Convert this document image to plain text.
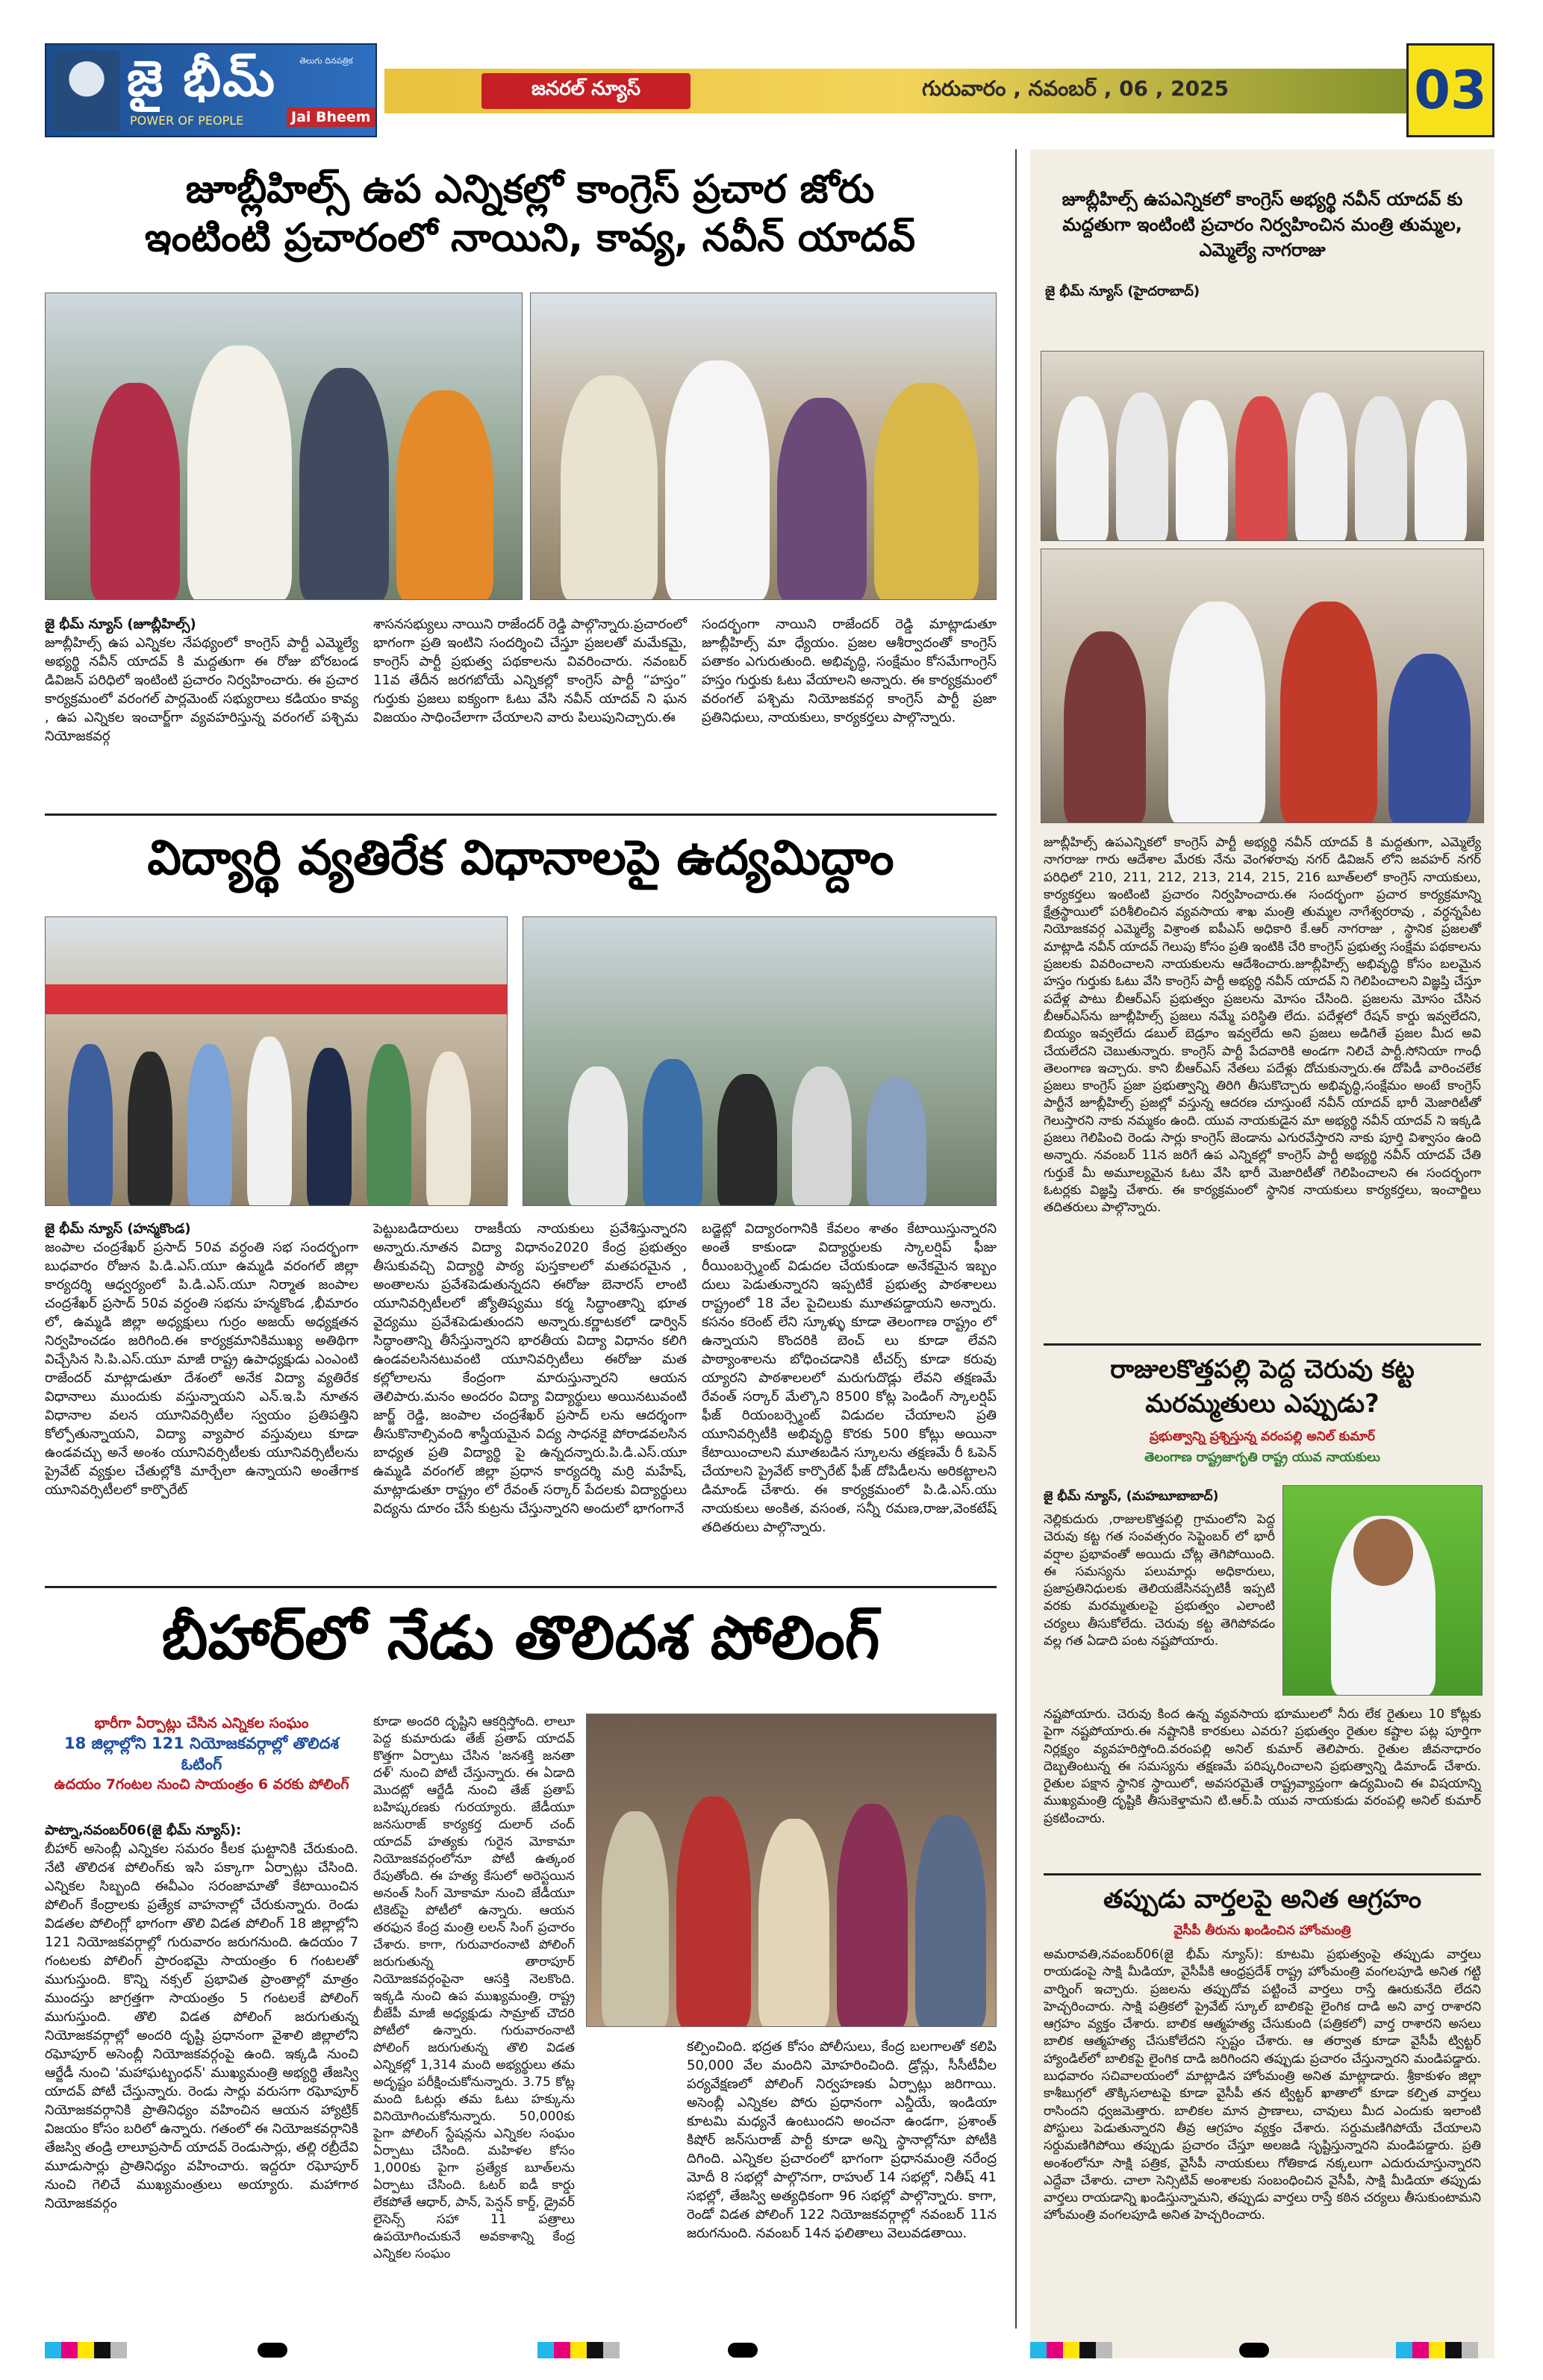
జై భీమ్	తెలుగు దినపత్రిక
POWER OF PEOPLE	Jai Bheem
జనరల్ న్యూస్	గురువారం , నవంబర్ , 06 , 2025	03
జూబ్లీహిల్స్ ఉప ఎన్నికల్లో కాంగ్రెస్ ప్రచార జోరు
ఇంటింటి ప్రచారంలో నాయిని, కావ్య, నవీన్ యాదవ్
జై భీమ్ న్యూస్ (జూబ్లీహిల్స్)
జూబ్లీహిల్స్ ఉప ఎన్నికల నేపథ్యంలో కాంగ్రెస్ పార్టీ ఎమ్మెల్యే అభ్యర్థి నవీన్ యాదవ్ కి మద్దతుగా ఈ రోజు బోరబండ డివిజన్ పరిధిలో ఇంటింటి ప్రచారం నిర్వహించారు. ఈ ప్రచార కార్యక్రమంలో వరంగల్ పార్లమెంట్ సభ్యురాలు కడియం కావ్య , ఉప ఎన్నికల ఇంచార్జ్‌గా వ్యవహరిస్తున్న వరంగల్ పశ్చిమ నియోజకవర్గ
శాసనసభ్యులు నాయిని రాజేందర్ రెడ్డి పాల్గొన్నారు.ప్రచారంలో భాగంగా ప్రతి ఇంటిని సందర్శించి చేస్తూ ప్రజలతో మమేకమై, కాంగ్రెస్ పార్టీ ప్రభుత్వ పథకాలను వివరించారు. నవంబర్ 11వ తేదీన జరగబోయే ఎన్నికల్లో కాంగ్రెస్ పార్టీ “హస్తం” గుర్తుకు ప్రజలు ఐక్యంగా ఓటు వేసి నవీన్ యాదవ్ ని ఘన విజయం సాధించేలాగా చేయాలని వారు పిలుపునిచ్చారు.ఈ
సందర్భంగా నాయిని రాజేందర్ రెడ్డి మాట్లాడుతూ జూబ్లీహిల్స్ మా ధ్యేయం. ప్రజల ఆశీర్వాదంతో కాంగ్రెస్ పతాకం ఎగురుతుంది. అభివృద్ధి, సంక్షేమం కోసమేగాంగ్రెస్ హస్తం గుర్తుకు ఓటు వేయాలని అన్నారు. ఈ కార్యక్రమంలో వరంగల్ పశ్చిమ నియోజకవర్గ కాంగ్రెస్ పార్టీ ప్రజా ప్రతినిధులు, నాయకులు, కార్యకర్తలు పాల్గొన్నారు.
విద్యార్థి వ్యతిరేక విధానాలపై ఉద్యమిద్దాం
జై భీమ్ న్యూస్ (హన్మకొండ)
జంపాల చంద్రశేఖర్ ప్రసాద్ 50వ వర్ధంతి సభ సందర్భంగా బుధవారం రోజున పి.డి.ఎస్.యూ ఉమ్మడి వరంగల్ జిల్లా కార్యదర్శి ఆధ్వర్యంలో పి.డి.ఎస్.యూ నిర్మాత జంపాల చంద్రశేఖర్ ప్రసాద్ 50వ వర్ధంతి సభను హన్మకొండ ,భీమారం లో, ఉమ్మడి జిల్లా అధ్యక్షులు గుర్రం అజయ్ అధ్యక్షతన నిర్వహించడం జరిగింది.ఈ కార్యక్రమానికిముఖ్య అతిథిగా విచ్చేసిన సి.పి.ఎస్.యూ మాజీ రాష్ట్ర ఉపాధ్యక్షుడు ఎంఎంటి రాజేందర్ మాట్లాడుతూ దేశంలో అనేక విద్యా వ్యతిరేక విధానాలు ముందుకు వస్తున్నాయని ఎన్.ఇ.పి నూతన విధానాల వలన యూనివర్సిటీల స్వయం ప్రతిపత్తిని కోల్పోతున్నాయని, విద్యా వ్యాపార వస్తువులు కూడా ఉండవచ్చు అనే అంశం యూనివర్సిటీలకు యూనివర్సిటీలను ప్రైవేట్ వ్యక్తుల చేతుల్లోకి మార్చేలా ఉన్నాయని అంతేగాక యూనివర్సిటీలలో కార్పొరేట్
పెట్టుబడిదారులు రాజకీయ నాయకులు ప్రవేశిస్తున్నారని అన్నారు.నూతన విద్యా విధానం2020 కేంద్ర ప్రభుత్వం తీసుకువచ్చి విద్యార్థి పాఠ్య పుస్తకాలలో మతపరమైన , అంతాలను ప్రవేశపెడుతున్నదని ఈరోజు బెనారస్ లాంటి యూనివర్సిటీలలో జ్యోతిష్యము కర్మ సిద్ధాంతాన్ని భూత వైద్యము ప్రవేశపెడుతుందని అన్నారు.కర్ణాటకలో డార్విన్ సిద్ధాంతాన్ని తీసేస్తున్నారని భారతీయ విద్యా విధానం కలిగి ఉండవలసినటువంటి యూనివర్సిటీలు ఈరోజు మత కల్లోలాలను కేంద్రంగా మారుస్తున్నారని ఆయన తెలిపారు.మనం అందరం విద్యా విద్యార్థులు అయినటువంటి జార్జ్ రెడ్డి, జంపాల చంద్రశేఖర్ ప్రసాద్ లను ఆదర్శంగా తీసుకొనాల్సివంది శాస్త్రీయమైన విద్య సాధనకై పోరాడవలసిన బాధ్యత ప్రతి విద్యార్థి పై ఉన్నదన్నారు.పి.డి.ఎస్.యూ ఉమ్మడి వరంగల్ జిల్లా ప్రధాన కార్యదర్శి మర్రి మహేష్, మాట్లాడుతూ రాష్ట్రం లో రేవంత్ సర్కార్ పేదలకు విద్యార్థులు విద్యను దూరం చేసే కుట్రను చేస్తున్నారని అందులో భాగంగానే
బడ్జెట్లో విద్యారంగానికి కేవలం శాతం కేటాయిస్తున్నారని అంతే కాకుండా విద్యార్థులకు స్కాలర్షిప్ ఫీజు రీయింబర్స్మెంట్ విడుదల చేయకుండా అనేకమైన ఇబ్బం దులు పెడుతున్నారని ఇప్పటికే ప్రభుత్వ పాఠశాలలు రాష్ట్రంలో 18 వేల పైచిలుకు మూతపడ్డాయని అన్నారు. కసనం కరెంట్ లేని స్కూళ్ళు కూడా తెలంగాణ రాష్ట్రం లో ఉన్నాయని కొందరికి బెంచ్ లు కూడా లేవని పాఠ్యాంశాలను బోధించడానికి టీచర్స్ కూడా కరువు య్యారని పాఠశాలలలో మరుగుదొడ్లు లేవని తక్షణమే రేవంత్ సర్కార్ మేల్కొని 8500 కోట్ల పెండింగ్ స్కాలర్షిప్ ఫీజ్ రియంబర్స్మెంట్ విడుదల చేయాలని ప్రతి యూనివర్సిటీకి అభివృద్ధి కొరకు 500 కోట్లు అయినా కేటాయించాలని మూతబడిన స్కూలను తక్షణమే రీ ఓపెన్ చేయాలని ప్రైవేట్ కార్పొరేట్ ఫీజ్ దోపిడీలను అరికట్టాలని డిమాండ్ చేశారు. ఈ కార్యక్రమంలో పి.డి.ఎస్.యు నాయకులు అంకిత, వసంత, సన్నీ రమణ,రాజు,వెంకటేష్ తదితరులు పాల్గొన్నారు.
బీహార్‌లో నేడు తొలిదశ పోలింగ్
భారీగా ఏర్పాట్లు చేసిన ఎన్నికల సంఘం
18 జిల్లాల్లోని 121 నియోజకవర్గాల్లో తొలిదశ ఓటింగ్
ఉదయం 7గంటల నుంచి సాయంత్రం 6 వరకు పోలింగ్
పాట్నా,నవంబర్06(జై భీమ్ న్యూస్):
బీహార్ అసెంబ్లీ ఎన్నికల సమరం కీలక ఘట్టానికి చేరుకుంది. నేటి తొలిదశ పోలింగ్‌కు ఇసి పక్కాగా ఏర్పాట్లు చేసింది. ఎన్నికల సిబ్బంది ఈవీఎం సరంజామాతో కేటాయించిన పోలింగ్ కేంద్రాలకు ప్రత్యేక వాహనాల్లో చేరుకున్నారు. రెండు విడతల పోలింగ్లో భాగంగా తొలి విడత పోలింగ్ 18 జిల్లాల్లోని 121 నియోజకవర్గాల్లో గురువారం జరుగనుంది. ఉదయం 7 గంటలకు పోలింగ్ ప్రారంభమై సాయంత్రం 6 గంటలతో ముగుస్తుంది. కొన్ని నక్సల్ ప్రభావిత ప్రాంతాల్లో మాత్రం ముందస్తు జాగ్రత్తగా సాయంత్రం 5 గంటలకే పోలింగ్ ముగుస్తుంది. తొలి విడత పోలింగ్ జరుగుతున్న నియోజకవర్గాల్లో అందరి దృష్టి ప్రధానంగా వైశాలి జిల్లాలోని రఘోపూర్ అసెంబ్లీ నియోజకవర్గంపై ఉంది. ఇక్కడి నుంచి ఆర్జేడీ నుంచి 'మహాఘట్బంధన్' ముఖ్యమంత్రి అభ్యర్థి తేజస్వి యాదవ్ పోటీ చేస్తున్నారు. రెండు సార్లు వరుసగా రఘోపూర్ నియోజకవర్గానికి ప్రాతినిధ్యం వహించిన ఆయన హ్యాట్రిక్ విజయం కోసం బరిలో ఉన్నారు. గతంలో ఈ నియోజకవర్గానికి తేజస్వి తండ్రి లాలూప్రసాద్ యాదవ్ రెండుసార్లు, తల్లి రబ్రీదేవి మూడుసార్లు ప్రాతినిధ్యం వహించారు. ఇద్దరూ రఘోపూర్ నుంచి గెలిచే ముఖ్యమంత్రులు అయ్యారు. మహాగాఠ నియోజకవర్గం
కూడా అందరి దృష్టిని ఆకర్షిస్తోంది. లాలూ పెద్ద కుమారుడు తేజ్ ప్రతాప్ యాదవ్ కొత్తగా ఏర్పాటు చేసిన 'జనశక్తి జనతా దళ్' నుంచి పోటీ చేస్తున్నారు. ఈ ఏడాది మొదట్లో ఆర్జేడీ నుంచి తేజ్ ప్రతాప్ బహిష్కరణకు గురయ్యారు. జేడీయూ జనసురాజ్ కార్యకర్త దులార్ చంద్ యాదవ్ హత్యకు గురైన మోకామా నియోజకవర్గంలోనూ పోటీ ఉత్కంఠ రేపుతోంది. ఈ హత్య కేసులో అరెస్టయిన అనంత్ సింగ్ మోకామా నుంచి జేడీయూ టికెట్‌పై పోటీలో ఉన్నారు. ఆయన తరఫున కేంద్ర మంత్రి లలన్ సింగ్ ప్రచారం చేశారు. కాగా, గురువారంనాటి పోలింగ్ జరుగుతున్న తారాపూర్ నియోజకవర్గంపైనా ఆసక్తి నెలకొంది. ఇక్కడి నుంచి ఉప ముఖ్యమంత్రి, రాష్ట్ర బీజేపీ మాజీ అధ్యక్షుడు సామ్రాట్ చౌదరి పోటీలో ఉన్నారు. గురువారంనాటి పోలింగ్ జరుగుతున్న తొలి విడత ఎన్నికల్లో 1,314 మంది అభ్యర్థులు తమ అదృష్టం పరీక్షించుకోనున్నారు. 3.75 కోట్ల మంది ఓటర్లు తమ ఓటు హక్కును వినియోగించుకోనున్నారు. 50,000కు పైగా పోలింగ్ స్టేషన్లను ఎన్నికల సంఘం ఏర్పాటు చేసింది. మహిళల కోసం 1,000కు పైగా ప్రత్యేక బూత్‌లను ఏర్పాటు చేసింది. ఓటర్ ఐడీ కార్డు లేకపోతే ఆధార్, పాన్, పెన్షన్ కార్డ్, డ్రైవర్ లైసెన్స్ సహా 11 పత్రాలు ఉపయోగించుకునే అవకాశాన్ని కేంద్ర ఎన్నికల సంఘం
కల్పించింది. భద్రత కోసం పోలీసులు, కేంద్ర బలగాలతో కలిపి 50,000 వేల మందిని మోహరించింది. డ్రోన్లు, సీసీటీవీల పర్యవేక్షణలో పోలింగ్ నిర్వహణకు ఏర్పాట్లు జరిగాయి. అసెంబ్లీ ఎన్నికల పోరు ప్రధానంగా ఎన్డీయే, ఇండియా కూటమి మధ్యనే ఉంటుందని అంచనా ఉండగా, ప్రశాంత్ కిషోర్ జన్‌సురాజ్ పార్టీ కూడా అన్ని స్థానాల్లోనూ పోటీకి దిగింది. ఎన్నికల ప్రచారంలో భాగంగా ప్రధానమంత్రి నరేంద్ర మోదీ 8 సభల్లో పాల్గొనగా, రాహుల్ 14 సభల్లో, నితీష్ 41 సభల్లో, తేజస్వి అత్యధికంగా 96 సభల్లో పాల్గొన్నారు. కాగా, రెండో విడత పోలింగ్ 122 నియోజకవర్గాల్లో నవంబర్ 11న జరుగనుంది. నవంబర్ 14న ఫలితాలు వెలువడతాయి.
జూబ్లీహిల్స్ ఉపఎన్నికలో కాంగ్రెస్ అభ్యర్థి నవీన్ యాదవ్ కు మద్దతుగా ఇంటింటి ప్రచారం నిర్వహించిన మంత్రి తుమ్మల, ఎమ్మెల్యే నాగరాజు
జై భీమ్ న్యూస్ (హైదరాబాద్)
జూబ్లీహిల్స్ ఉపఎన్నికలో కాంగ్రెస్ పార్టీ అభ్యర్థి నవీన్ యాదవ్ కి మద్దతుగా, ఎమ్మెల్యే నాగరాజు గారు ఆదేశాల మేరకు నేను వెంగళరావు నగర్ డివిజన్ లోని జవహర్ నగర్ పరిధిలో 210, 211, 212, 213, 214, 215, 216 బూత్‌లలో కాంగ్రెస్ నాయకులు, కార్యకర్తలు ఇంటింటి ప్రచారం నిర్వహించారు.ఈ సందర్భంగా ప్రచార కార్యక్రమాన్ని క్షేత్రస్థాయిలో పరిశీలించిన వ్యవసాయ శాఖ మంత్రి తుమ్మల నాగేశ్వరరావు , వర్ధన్నపేట నియోజకవర్గ ఎమ్మెల్యే విశ్రాంత ఐపీఎస్ అధికారి కే.ఆర్ నాగరాజు , స్థానిక ప్రజలతో మాట్లాడి నవీన్ యాదవ్ గెలుపు కోసం ప్రతి ఇంటికి చేరి కాంగ్రెస్ ప్రభుత్వ సంక్షేమ పథకాలను ప్రజలకు వివరించాలని నాయకులను ఆదేశించారు.జూబ్లీహిల్స్ అభివృద్ధి కోసం బలమైన హస్తం గుర్తుకు ఓటు వేసి కాంగ్రెస్ పార్టీ అభ్యర్థి నవీన్ యాదవ్ ని గెలిపించాలని విజ్ఞప్తి చేస్తూ పదేళ్ల పాటు బీఆర్ఎస్ ప్రభుత్వం ప్రజలను మోసం చేసింది. ప్రజలను మోసం చేసిన బీఆర్ఎస్‌ను జూబ్లీహిల్స్ ప్రజలు నమ్మే పరిస్థితి లేదు. పదేళ్లలో రేషన్ కార్డు ఇవ్వలేదని, బియ్యం ఇవ్వలేదు డబుల్ బెడ్రూం ఇవ్వలేదు అని ప్రజలు అడిగితే ప్రజల మీద అవి చేయలేదని చెబుతున్నారు. కాంగ్రెస్ పార్టీ పేదవారికి అండగా నిలిచే పార్టీ.సోనియా గాంధీ తెలంగాణ ఇచ్చారు. కాని బీఆర్ఎస్ నేతలు పదేళ్లు దోచుకున్నారు.ఈ దోపిడీ వారించలేక ప్రజలు కాంగ్రెస్ ప్రజా ప్రభుత్వాన్ని తిరిగి తీసుకొచ్చారు అభివృద్ధి,సంక్షేమం అంటే కాంగ్రెస్ పార్టీనే జూబ్లీహిల్స్ ప్రజల్లో వస్తున్న ఆదరణ చూస్తుంటే నవీన్ యాదవ్ భారీ మెజారిటీతో గెలుస్తారని నాకు నమ్మకం ఉంది. యువ నాయకుడైన మా అభ్యర్థి నవీన్ యాదవ్ ని ఇక్కడి ప్రజలు గెలిపించి రెండు సార్లు కాంగ్రెస్ జెండాను ఎగురవేస్తారని నాకు పూర్తి విశ్వాసం ఉంది అన్నారు. నవంబర్ 11న జరిగే ఉప ఎన్నికల్లో కాంగ్రెస్ పార్టీ అభ్యర్థి నవీన్ యాదవ్ చేతి గుర్తుకే మీ అమూల్యమైన ఓటు వేసి భారీ మెజారిటీతో గెలిపించాలని ఈ సందర్భంగా ఓటర్లకు విజ్ఞప్తి చేశారు. ఈ కార్యక్రమంలో స్థానిక నాయకులు కార్యకర్తలు, ఇంచార్జిలు తదితరులు పాల్గొన్నారు.
రాజులకొత్తపల్లి పెద్ద చెరువు కట్ట మరమ్మతులు ఎప్పుడు?
ప్రభుత్వాన్ని ప్రశ్నిస్తున్న వరంపల్లి అనిల్ కుమార్
తెలంగాణ రాష్ట్రజాగృతి రాష్ట్ర యువ నాయకులు
జై భీమ్ న్యూస్, (మహబూబాబాద్)
నెల్లికుదురు ,రాజులకొత్తపల్లి గ్రామంలోని పెద్ద చెరువు కట్ట గత సంవత్సరం సెప్టెంబర్ లో భారీ వర్షాల ప్రభావంతో అయిదు చోట్ల తెగిపోయింది. ఈ సమస్యను పలుమార్లు అధికారులు, ప్రజాప్రతినిధులకు తెలియజేసినప్పటికీ ఇప్పటి వరకు మరమ్మతులపై ప్రభుత్వం ఎలాంటి చర్యలు తీసుకోలేదు. చెరువు కట్ట తెగిపోవడం వల్ల గత ఏడాది పంట నష్టపోయారు.
నష్టపోయారు. చెరువు కింద ఉన్న వ్యవసాయ భూములలో నీరు లేక రైతులు 10 కోట్లకు పైగా నష్టపోయారు.ఈ నష్టానికి కారకులు ఎవరు? ప్రభుత్వం రైతుల కష్టాల పట్ల పూర్తిగా నిర్లక్ష్యం వ్యవహరిస్తోంది.వరంపల్లి అనిల్ కుమార్ తెలిపారు. రైతుల జీవనాధారం దెబ్బతింటున్న ఈ సమస్యను తక్షణమే పరిష్కరించాలని ప్రభుత్వాన్ని డిమాండ్ చేశారు. రైతుల పక్షాన స్థానిక స్థాయిలో, అవసరమైతే రాష్ట్రవ్యాప్తంగా ఉద్యమించి ఈ విషయాన్ని ముఖ్యమంత్రి దృష్టికి తీసుకెళ్తామని టి.ఆర్.పి యువ నాయకుడు వరంపల్లి అనిల్ కుమార్ ప్రకటించారు.
తప్పుడు వార్తలపై అనిత ఆగ్రహం
వైసీపీ తీరును ఖండించిన హోంమంత్రి
అమరావతి,నవంబర్06(జై భీమ్ న్యూస్): కూటమి ప్రభుత్వంపై తప్పుడు వార్తలు రాయడంపై సాక్షి మీడియా, వైసీపీకి ఆంధ్రప్రదేశ్ రాష్ట్ర హోంమంత్రి వంగలపూడి అనిత గట్టి వార్నింగ్ ఇచ్చారు. ప్రజలను తప్పుదోవ పట్టించే వార్తలు రాస్తే ఊరుకునేది లేదని హెచ్చరించారు. సాక్షి పత్రికలో ప్రైవేట్ స్కూల్ బాలికపై లైంగిక దాడి అని వార్త రాశారని ఆగ్రహం వ్యక్తం చేశారు. బాలిక ఆత్మహత్య చేసుకుంది (పత్రికలో) వార్త రాశారని అసలు బాలిక ఆత్మహత్య చేసుకోలేదని స్పష్టం చేశారు. ఆ తర్వాత కూడా వైసీపీ ట్విట్టర్ హ్యాండిల్‌లో బాలికపై లైంగిక దాడి జరిగిందని తప్పుడు ప్రచారం చేస్తున్నారని మండిపడ్డారు. బుధవారం సచివాలయంలో మాట్లాడిన హోంమంత్రి అనిత మాట్లాడారు. శ్రీకాకుళం జిల్లా కాశీబుగ్గలో తొక్కిసలాటపై కూడా వైసీపీ తన ట్విట్టర్ ఖాతాలో కూడా కల్పిత వార్తలు రాసిందని ధ్వజమెత్తారు. బాలికల మాన ప్రాణాలు, చావులు మీద ఎందుకు ఇలాంటి పోస్టులు పెడుతున్నారని తీవ్ర ఆగ్రహం వ్యక్తం చేశారు. సర్దుమణిగిపోయే చేయాలని సర్దుమణిగిపోయి తప్పుడు ప్రచారం చేస్తూ అలజడి సృష్టిస్తున్నారని మండిపడ్డారు. ప్రతి అంశంలోనూ సాక్షి పత్రిక, వైసీపీ నాయకులు గోతికాడ నక్కలుగా ఎదురుచూస్తున్నారని ఎద్దేవా చేశారు. చాలా సెన్సిటివ్ అంశాలకు సంబంధించిన వైసీపీ, సాక్షి మీడియా తప్పుడు వార్తలు రాయడాన్ని ఖండిస్తున్నామని, తప్పుడు వార్తలు రాస్తే కఠిన చర్యలు తీసుకుంటామని హోంమంత్రి వంగలపూడి అనిత హెచ్చరించారు.
